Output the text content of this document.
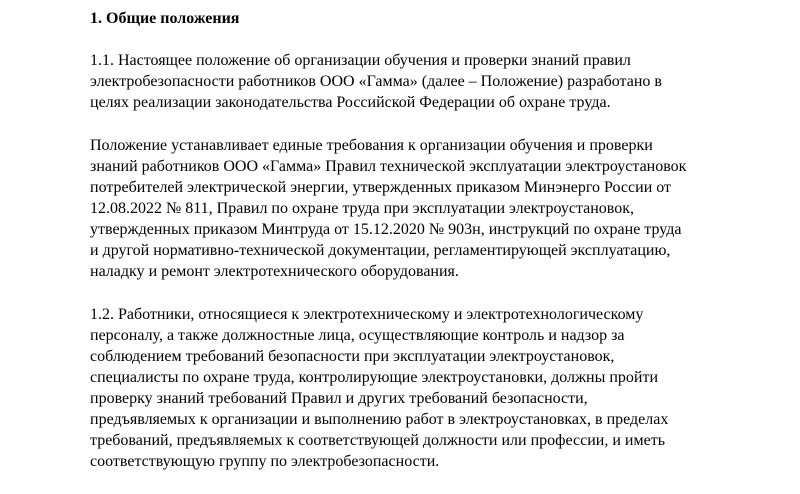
1. Общие положения
1.1. Настоящее положение об организации обучения и проверки знаний правил
электробезопасности работников ООО «Гамма» (далее – Положение) разработано в
целях реализации законодательства Российской Федерации об охране труда.
Положение устанавливает единые требования к организации обучения и проверки
знаний работников ООО «Гамма» Правил технической эксплуатации электроустановок
потребителей электрической энергии, утвержденных приказом Минэнерго России от
12.08.2022 № 811, Правил по охране труда при эксплуатации электроустановок,
утвержденных приказом Минтруда от 15.12.2020 № 903н, инструкций по охране труда
и другой нормативно-технической документации, регламентирующей эксплуатацию,
наладку и ремонт электротехнического оборудования.
1.2. Работники, относящиеся к электротехническому и электротехнологическому
персоналу, а также должностные лица, осуществляющие контроль и надзор за
соблюдением требований безопасности при эксплуатации электроустановок,
специалисты по охране труда, контролирующие электроустановки, должны пройти
проверку знаний требований Правил и других требований безопасности,
предъявляемых к организации и выполнению работ в электроустановках, в пределах
требований, предъявляемых к соответствующей должности или профессии, и иметь
соответствующую группу по электробезопасности.
